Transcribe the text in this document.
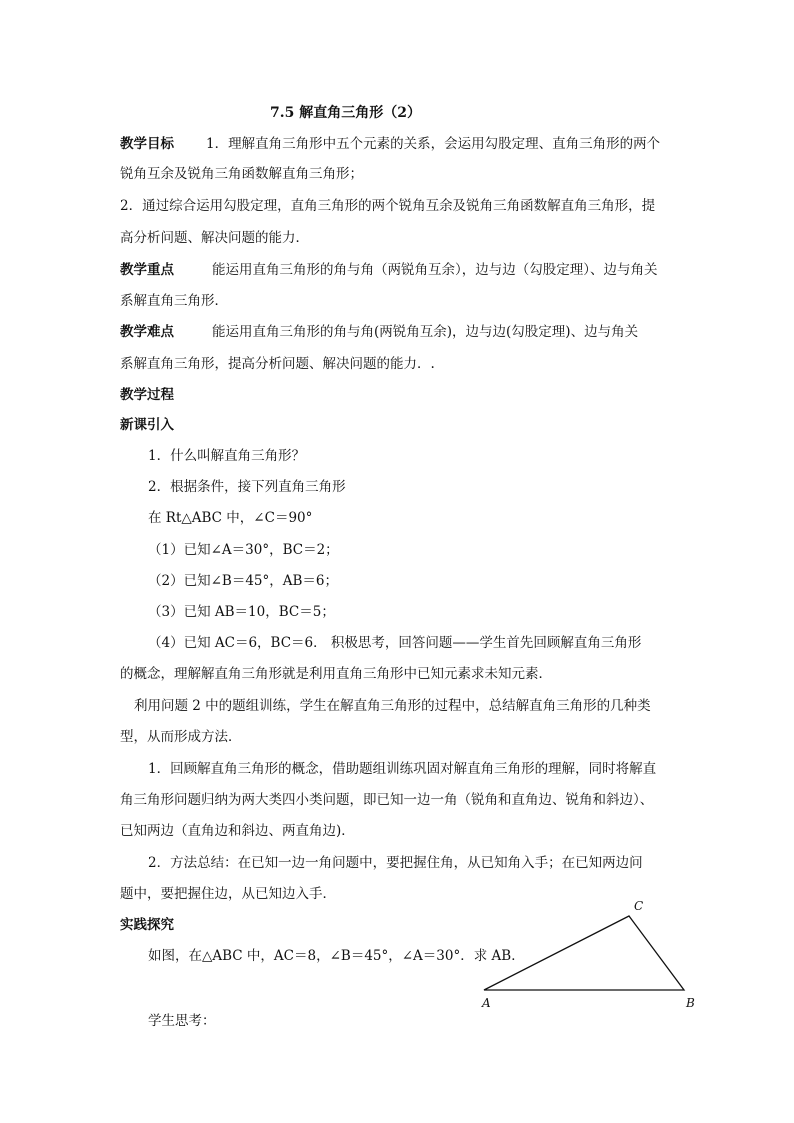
7.5 解直角三角形（2）
教学目标 1．理解直角三角形中五个元素的关系，会运用勾股定理、直角三角形的两个
锐角互余及锐角三角函数解直角三角形；
2．通过综合运用勾股定理，直角三角形的两个锐角互余及锐角三角函数解直角三角形，提
高分析问题、解决问题的能力．
教学重点	能运用直角三角形的角与角（两锐角互余），边与边（勾股定理）、边与角关
系解直角三角形．
教学难点	能运用直角三角形的角与角(两锐角互余)，边与边(勾股定理)、边与角关
系解直角三角形，提高分析问题、解决问题的能力．.
教学过程
新课引入
1．什么叫解直角三角形？
2．根据条件，接下列直角三角形
在 Rt△ABC 中，∠C＝90°
（1）已知∠A＝30°，BC＝2；
（2）已知∠B＝45°，AB＝6；
（3）已知 AB＝10，BC＝5；
（4）已知 AC＝6，BC＝6． 积极思考，回答问题——学生首先回顾解直角三角形
的概念，理解解直角三角形就是利用直角三角形中已知元素求未知元素．
利用问题 2 中的题组训练，学生在解直角三角形的过程中，总结解直角三角形的几种类
型，从而形成方法．
1．回顾解直角三角形的概念，借助题组训练巩固对解直角三角形的理解，同时将解直
角三角形问题归纳为两大类四小类问题，即已知一边一角（锐角和直角边、锐角和斜边）、
已知两边（直角边和斜边、两直角边)．
2．方法总结：在已知一边一角问题中，要把握住角，从已知角入手；在已知两边问
题中，要把握住边，从已知边入手．
实践探究
如图，在△ABC 中，AC＝8，∠B＝45°，∠A＝30°．求 AB．
学生思考：
A	B
C
